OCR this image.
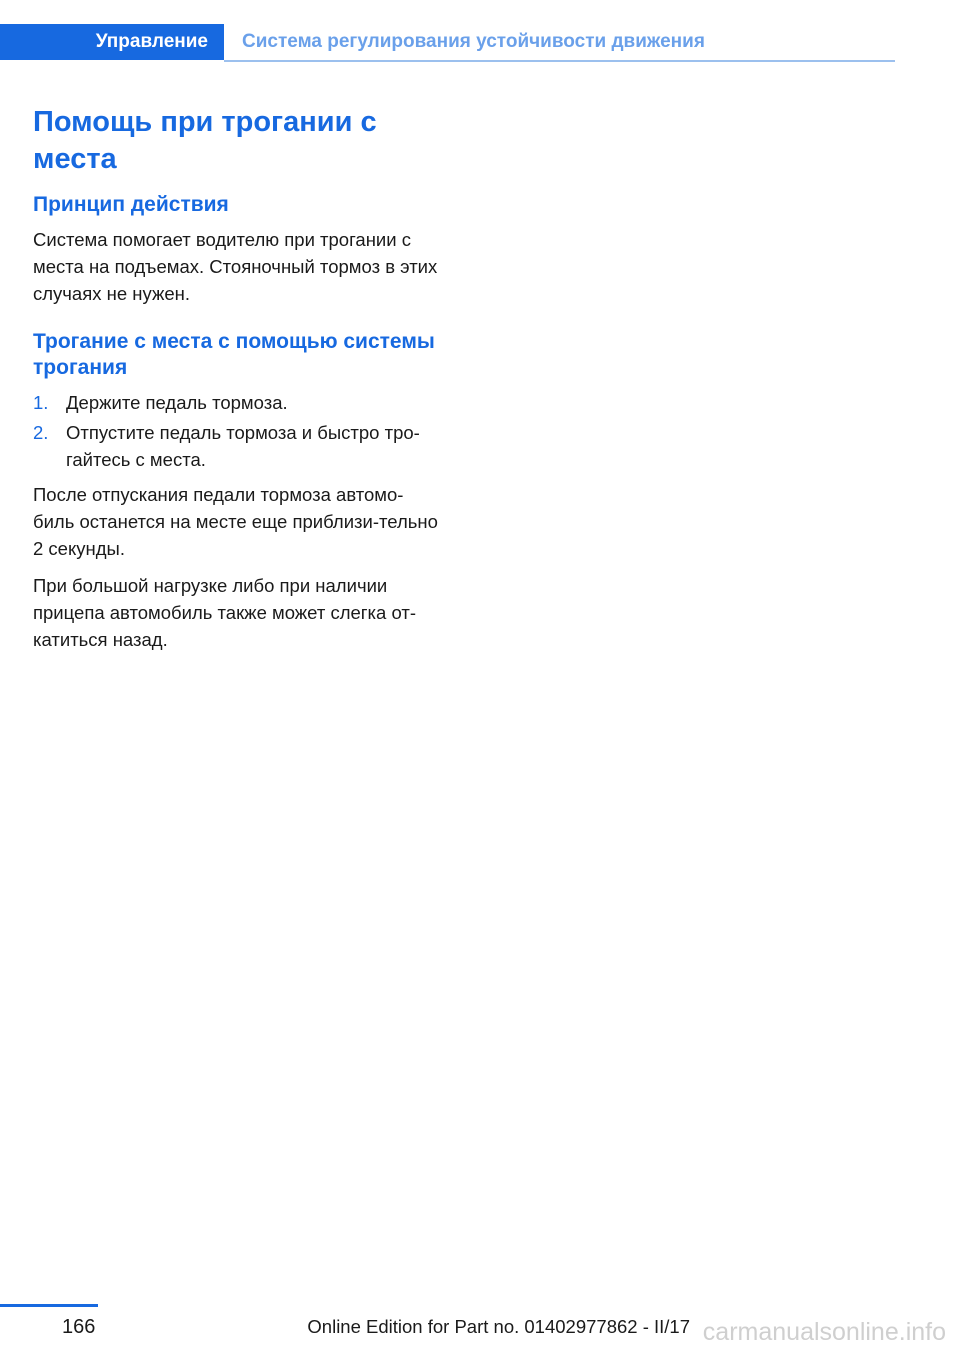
Управление	Система регулирования устойчивости движения
Помощь при трогании с места
Принцип действия

Система помогает водителю при трогании с места на подъемах. Стояночный тормоз в этих случаях не нужен.

Трогание с места с помощью системы трогания
1. Держите педаль тормоза.
2. Отпустите педаль тормоза и быстро тро‐гайтесь с места.

После отпускания педали тормоза автомо‐биль останется на месте еще приблизи‐тельно 2 секунды.

При большой нагрузке либо при наличии прицепа автомобиль также может слегка от‐катиться назад.

166	Online Edition for Part no. 01402977862 - II/17 carmanualsonline.info
